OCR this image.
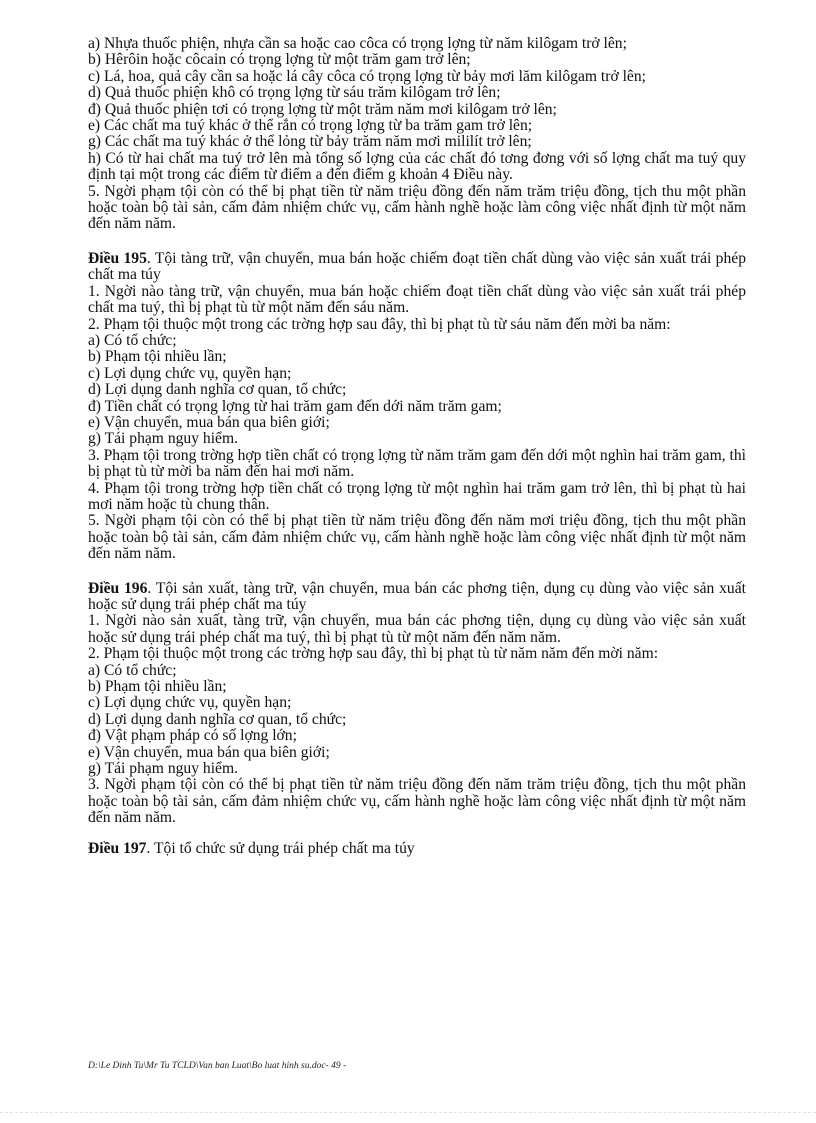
a) Nhựa thuốc phiện, nhựa cần sa hoặc cao côca có trọng lợng từ năm kilôgam trở lên;

b) Hêrôin hoặc côcain có trọng lợng từ một trăm gam trở lên;

c) Lá, hoa, quả cây cần sa hoặc lá cây côca có trọng lợng từ bảy mơi lăm kilôgam trở lên;

d) Quả thuốc phiện khô có trọng lợng từ sáu trăm kilôgam trở lên;

đ) Quả thuốc phiện tơi có trọng lợng từ một trăm năm mơi kilôgam trở lên;

e) Các chất ma tuý khác ở thể rắn có trọng lợng từ ba trăm gam trở lên;

g) Các chất ma tuý khác ở thể lỏng từ bảy trăm năm mơi mililít trở lên;

h) Có từ hai chất ma tuý trở lên mà tổng số lợng của các chất đó tơng đơng với số lợng chất ma tuý quy định tại một trong các điểm từ điểm a đến điểm g khoản 4 Điều này.

5. Ngời phạm tội còn có thể bị phạt tiền từ năm triệu đồng đến năm trăm triệu đồng, tịch thu một phần hoặc toàn bộ tài sản, cấm đảm nhiệm chức vụ, cấm hành nghề hoặc làm công việc nhất định từ một năm đến năm năm.

Điều 195. Tội tàng trữ, vận chuyển, mua bán hoặc chiếm đoạt tiền chất dùng vào việc sản xuất trái phép chất ma túy

1. Ngời nào tàng trữ, vận chuyển, mua bán hoặc chiếm đoạt tiền chất dùng vào việc sản xuất trái phép chất ma tuý, thì bị phạt tù từ một năm đến sáu năm.

2. Phạm tội thuộc một trong các trờng hợp sau đây, thì bị phạt tù từ sáu năm đến mời ba năm:

a) Có tổ chức;

b) Phạm tội nhiều lần;

c) Lợi dụng chức vụ, quyền hạn;

d) Lợi dụng danh nghĩa cơ quan, tổ chức;

đ) Tiền chất có trọng lợng từ hai trăm gam đến dới năm trăm gam;

e) Vận chuyển, mua bán qua biên giới;

g) Tái phạm nguy hiểm.

3. Phạm tội trong trờng hợp tiền chất có trọng lợng từ năm trăm gam đến dới một nghìn hai trăm gam, thì bị phạt tù từ mời ba năm đến hai mơi năm.

4. Phạm tội trong trờng hợp tiền chất có trọng lợng từ một nghìn hai trăm gam trở lên, thì bị phạt tù hai mơi năm hoặc tù chung thân.

5. Ngời phạm tội còn có thể bị phạt tiền từ năm triệu đồng đến năm mơi triệu đồng, tịch thu một phần hoặc toàn bộ tài sản, cấm đảm nhiệm chức vụ, cấm hành nghề hoặc làm công việc nhất định từ một năm đến năm năm.

Điều 196. Tội sản xuất, tàng trữ, vận chuyển, mua bán các phơng tiện, dụng cụ dùng vào việc sản xuất hoặc sử dụng trái phép chất ma túy

1. Ngời nào sản xuất, tàng trữ, vận chuyển, mua bán các phơng tiện, dụng cụ dùng vào việc sản xuất hoặc sử dụng trái phép chất ma tuý, thì bị phạt tù từ một năm đến năm năm.

2. Phạm tội thuộc một trong các trờng hợp sau đây, thì bị phạt tù từ năm năm đến mời năm:

a) Có tổ chức;

b) Phạm tội nhiều lần;

c) Lợi dụng chức vụ, quyền hạn;

d) Lợi dụng danh nghĩa cơ quan, tổ chức;

đ) Vật phạm pháp có số lợng lớn;

e) Vận chuyển, mua bán qua biên giới;

g) Tái phạm nguy hiểm.

3. Ngời phạm tội còn có thể bị phạt tiền từ năm triệu đồng đến năm trăm triệu đồng, tịch thu một phần hoặc toàn bộ tài sản, cấm đảm nhiệm chức vụ, cấm hành nghề hoặc làm công việc nhất định từ một năm đến năm năm.

Điều 197. Tội tổ chức sử dụng trái phép chất ma túy

D:\Le Dinh Tu\Mr Tu TCLD\Van ban Luat\Bo luat hinh su.doc- 49 -
